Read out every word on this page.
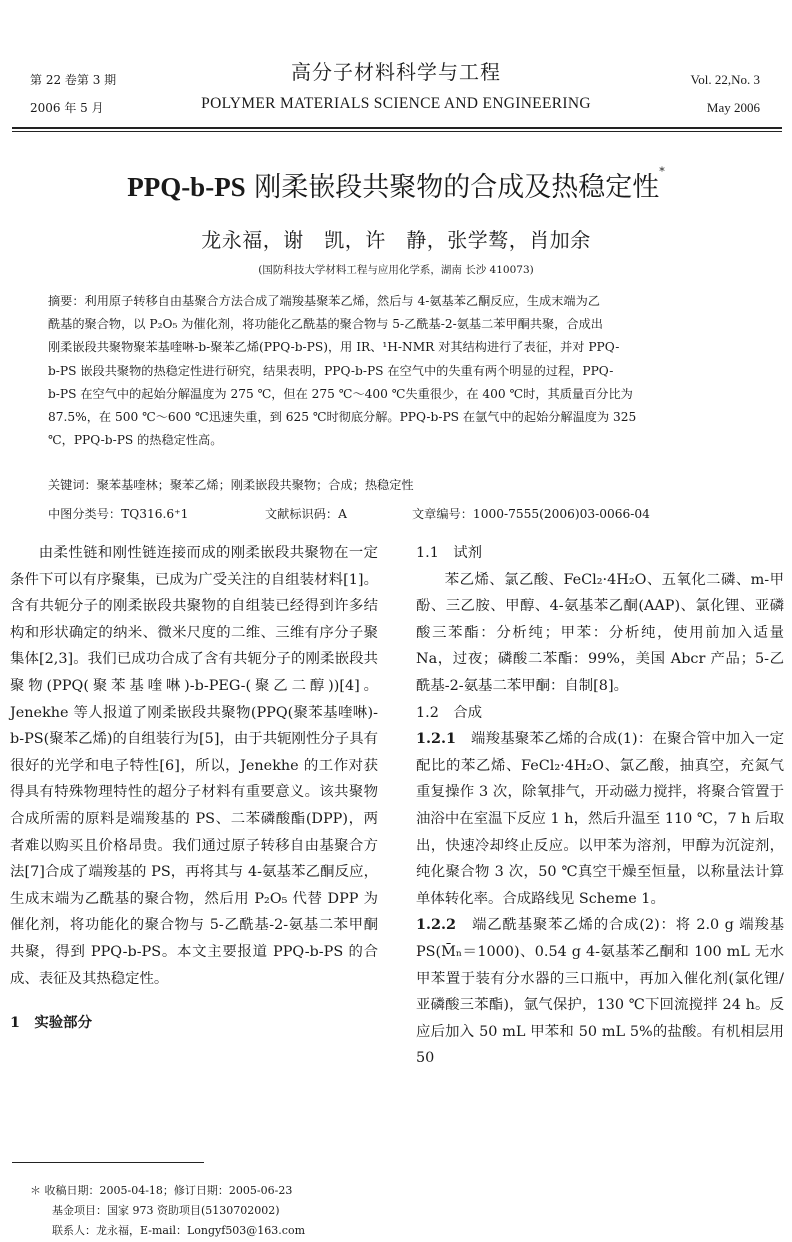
第 22 卷第 3 期
2006 年 5 月
高分子材料科学与工程
POLYMER MATERIALS SCIENCE AND ENGINEERING
Vol. 22,No. 3
May 2006
PPQ-b-PS 刚柔嵌段共聚物的合成及热稳定性*
龙永福，谢　凯，许　静，张学骜，肖加余
(国防科技大学材料工程与应用化学系，湖南 长沙 410073)
摘要：利用原子转移自由基聚合方法合成了端羧基聚苯乙烯，然后与 4-氨基苯乙酮反应，生成末端为乙
酰基的聚合物，以 P₂O₅ 为催化剂，将功能化乙酰基的聚合物与 5-乙酰基-2-氨基二苯甲酮共聚，合成出
刚柔嵌段共聚物聚苯基喹啉-b-聚苯乙烯(PPQ-b-PS)，用 IR、¹H-NMR 对其结构进行了表征，并对 PPQ-
b-PS 嵌段共聚物的热稳定性进行研究，结果表明，PPQ-b-PS 在空气中的失重有两个明显的过程，PPQ-
b-PS 在空气中的起始分解温度为 275 ℃，但在 275 ℃～400 ℃失重很少，在 400 ℃时，其质量百分比为
87.5%，在 500 ℃～600 ℃迅速失重，到 625 ℃时彻底分解。PPQ-b-PS 在氩气中的起始分解温度为 325
℃，PPQ-b-PS 的热稳定性高。
关键词：聚苯基喹林；聚苯乙烯；刚柔嵌段共聚物；合成；热稳定性
中图分类号：TQ316.6⁺1	文献标识码：A	文章编号：1000-7555(2006)03-0066-04

由柔性链和刚性链连接而成的刚柔嵌段共聚物在一定条件下可以有序聚集，已成为广受关注的自组装材料[1]。含有共轭分子的刚柔嵌段共聚物的自组装已经得到许多结构和形状确定的纳米、微米尺度的二维、三维有序分子聚集体[2,3]。我们已成功合成了含有共轭分子的刚柔嵌段共聚物(PPQ(聚苯基喹啉)-b-PEG-(聚乙二醇))[4]。Jenekhe 等人报道了刚柔嵌段共聚物(PPQ(聚苯基喹啉)-b-PS(聚苯乙烯)的自组装行为[5]，由于共轭刚性分子具有很好的光学和电子特性[6]，所以，Jenekhe 的工作对获得具有特殊物理特性的超分子材料有重要意义。该共聚物合成所需的原料是端羧基的 PS、二苯磷酸酯(DPP)，两者难以购买且价格昂贵。我们通过原子转移自由基聚合方法[7]合成了端羧基的 PS，再将其与 4-氨基苯乙酮反应，生成末端为乙酰基的聚合物，然后用 P₂O₅ 代替 DPP 为催化剂，将功能化的聚合物与 5-乙酰基-2-氨基二苯甲酮共聚，得到 PPQ-b-PS。本文主要报道 PPQ-b-PS 的合成、表征及其热稳定性。

1　实验部分

1.1　试剂

苯乙烯、氯乙酸、FeCl₂·4H₂O、五氧化二磷、m-甲酚、三乙胺、甲醇、4-氨基苯乙酮(AAP)、氯化锂、亚磷酸三苯酯：分析纯；甲苯：分析纯，使用前加入适量 Na，过夜；磷酸二苯酯：99%，美国 Abcr 产品；5-乙酰基-2-氨基二苯甲酮：自制[8]。

1.2　合成

1.2.1　 端羧基聚苯乙烯的合成(1)：在聚合管中加入一定配比的苯乙烯、FeCl₂·4H₂O、氯乙酸，抽真空，充氮气重复操作 3 次，除氧排气，开动磁力搅拌，将聚合管置于油浴中在室温下反应 1 h，然后升温至 110 ℃，7 h 后取出，快速冷却终止反应。以甲苯为溶剂，甲醇为沉淀剂，纯化聚合物 3 次，50 ℃真空干燥至恒量，以称量法计算单体转化率。合成路线见 Scheme 1。

1.2.2　 端乙酰基聚苯乙烯的合成(2)：将 2.0 g 端羧基 PS(M̄ₙ＝1000)、0.54 g 4-氨基苯乙酮和 100 mL 无水甲苯置于装有分水器的三口瓶中，再加入催化剂(氯化锂/亚磷酸三苯酯)，氩气保护，130 ℃下回流搅拌 24 h。反应后加入 50 mL 甲苯和 50 mL 5%的盐酸。有机相层用 50

＊ 收稿日期：2005-04-18；修订日期：2005-06-23
基金项目：国家 973 资助项目(5130702002)
联系人：龙永福，E-mail：Longyf503@163.com
